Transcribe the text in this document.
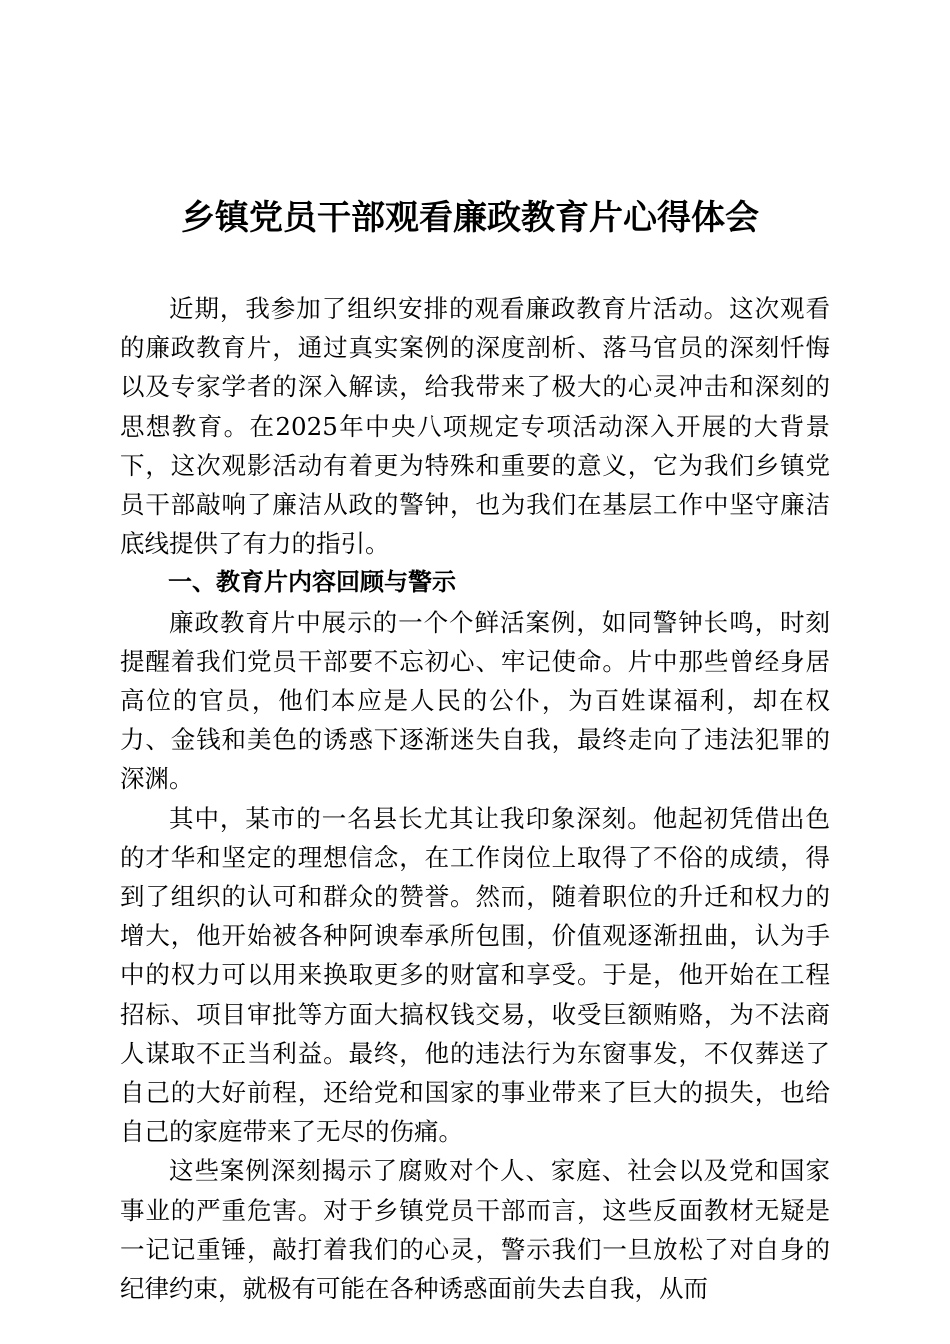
乡镇党员干部观看廉政教育片心得体会

近期，我参加了组织安排的观看廉政教育片活动。这次观看的廉政教育片，通过真实案例的深度剖析、落马官员的深刻忏悔以及专家学者的深入解读，给我带来了极大的心灵冲击和深刻的思想教育。在2025年中央八项规定专项活动深入开展的大背景下，这次观影活动有着更为特殊和重要的意义，它为我们乡镇党员干部敲响了廉洁从政的警钟，也为我们在基层工作中坚守廉洁底线提供了有力的指引。

一、教育片内容回顾与警示

廉政教育片中展示的一个个鲜活案例，如同警钟长鸣，时刻提醒着我们党员干部要不忘初心、牢记使命。片中那些曾经身居高位的官员，他们本应是人民的公仆，为百姓谋福利，却在权力、金钱和美色的诱惑下逐渐迷失自我，最终走向了违法犯罪的深渊。

其中，某市的一名县长尤其让我印象深刻。他起初凭借出色的才华和坚定的理想信念，在工作岗位上取得了不俗的成绩，得到了组织的认可和群众的赞誉。然而，随着职位的升迁和权力的增大，他开始被各种阿谀奉承所包围，价值观逐渐扭曲，认为手中的权力可以用来换取更多的财富和享受。于是，他开始在工程招标、项目审批等方面大搞权钱交易，收受巨额贿赂，为不法商人谋取不正当利益。最终，他的违法行为东窗事发，不仅葬送了自己的大好前程，还给党和国家的事业带来了巨大的损失，也给自己的家庭带来了无尽的伤痛。

这些案例深刻揭示了腐败对个人、家庭、社会以及党和国家事业的严重危害。对于乡镇党员干部而言，这些反面教材无疑是一记记重锤，敲打着我们的心灵，警示我们一旦放松了对自身的纪律约束，就极有可能在各种诱惑面前失去自我，从而
